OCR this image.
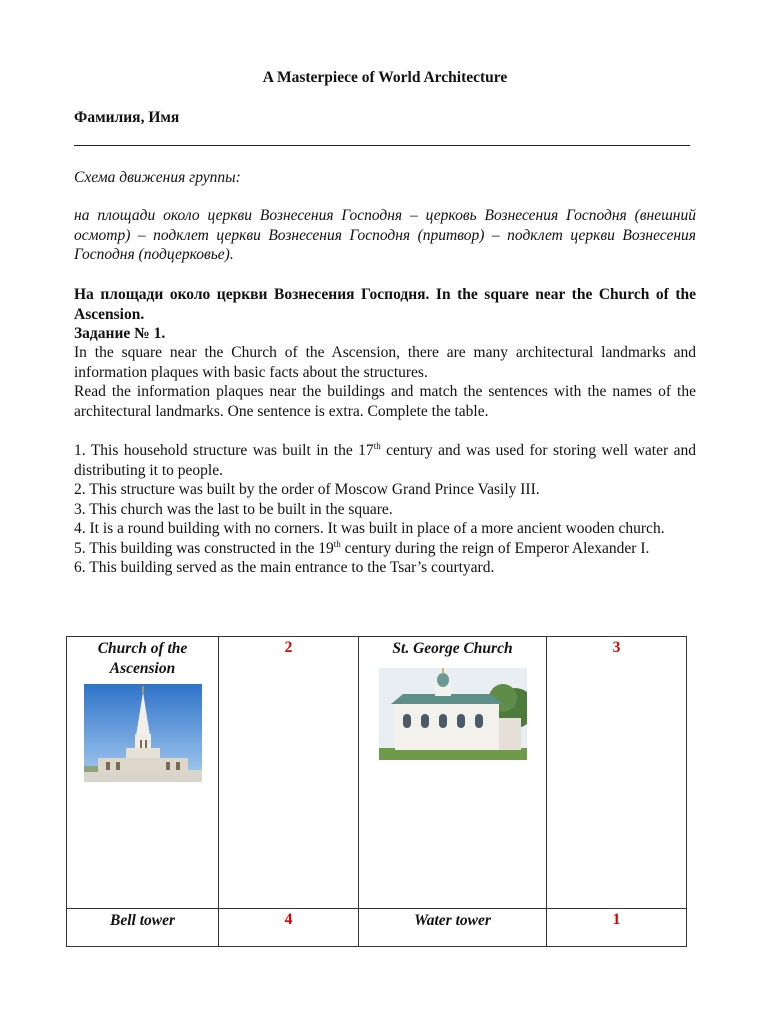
A Masterpiece of World Architecture
Фамилия, Имя
Схема движения группы:
на площади около церкви Вознесения Господня – церковь Вознесения Господня (внешний осмотр) – подклет церкви Вознесения Господня (притвор) – подклет церкви Вознесения Господня (подцерковье).
На площади около церкви Вознесения Господня. In the square near the Church of the Ascension.
Задание № 1.

In the square near the Church of the Ascension, there are many architectural landmarks and information plaques with basic facts about the structures.

Read the information plaques near the buildings and match the sentences with the names of the architectural landmarks. One sentence is extra. Complete the table.

1. This household structure was built in the 17th century and was used for storing well water and distributing it to people.
2. This structure was built by the order of Moscow Grand Prince Vasily III.
3. This church was the last to be built in the square.
4. It is a round building with no corners. It was built in place of a more ancient wooden church.
5. This building was constructed in the 19th century during the reign of Emperor Alexander I.
6. This building served as the main entrance to the Tsar’s courtyard.
Church of the Ascension	2	St. George Church	3

Bell tower	4	Water tower	1
